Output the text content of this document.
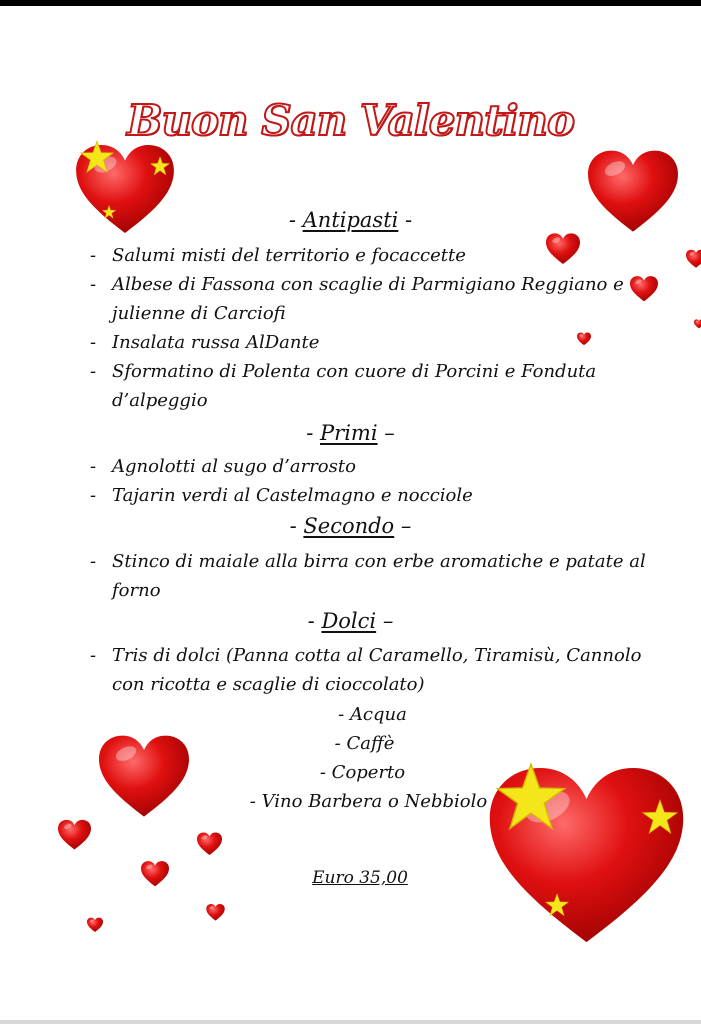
Buon San Valentino
- Antipasti -
- Salumi misti del territorio e focaccette
- Albese di Fassona con scaglie di Parmigiano Reggiano e julienne di Carciofi
- Insalata russa AlDante
- Sformatino di Polenta con cuore di Porcini e Fonduta d’alpeggio
- Primi –
- Agnolotti al sugo d’arrosto
- Tajarin verdi al Castelmagno e nocciole
- Secondo –
- Stinco di maiale alla birra con erbe aromatiche e patate al forno
- Dolci –
- Tris di dolci (Panna cotta al Caramello, Tiramisù, Cannolo con ricotta e scaglie di cioccolato)
- Acqua
- Caffè
- Coperto
- Vino Barbera o Nebbiolo
Euro 35,00
